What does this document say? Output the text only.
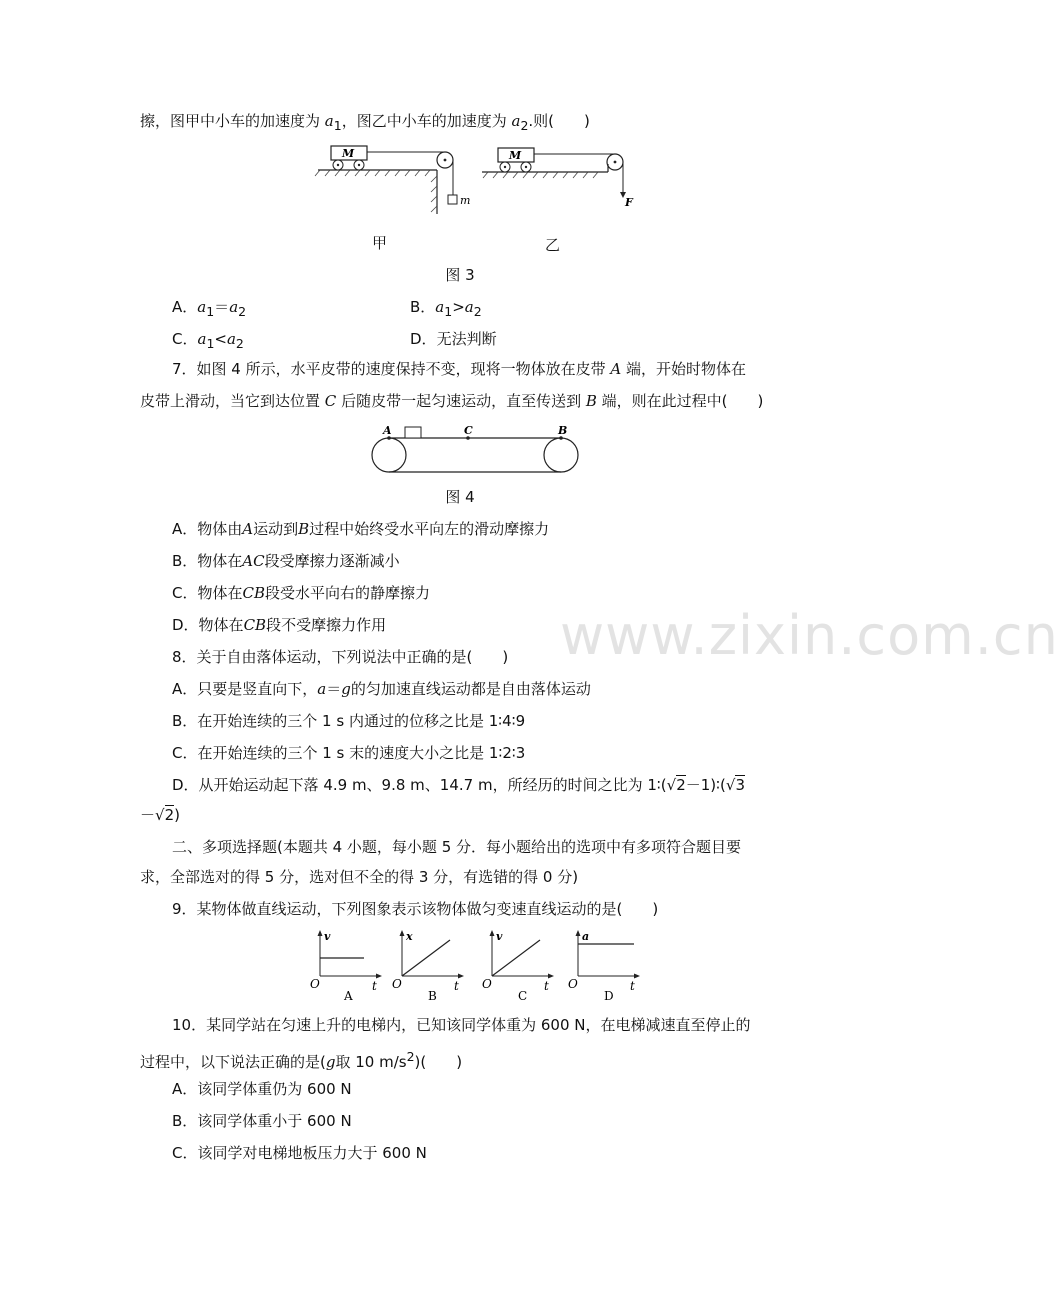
www.zixin.com.cn
擦，图甲中小车的加速度为 $a_1$，图乙中小车的加速度为 $a_2$.则(　　)
M
m
甲
M
F
乙
图 3
A．$a_1=a_2$	B．$a_1>a_2$
C．$a_1<a_2$	D．无法判断
7．如图 4 所示，水平皮带的速度保持不变，现将一物体放在皮带 A 端，开始时物体在
皮带上滑动，当它到达位置 C 后随皮带一起匀速运动，直至传送到 B 端，则在此过程中(　　)
A	C	B
图 4
A．物体由A运动到B过程中始终受水平向左的滑动摩擦力
B．物体在AC段受摩擦力逐渐减小
C．物体在CB段受水平向右的静摩擦力
D．物体在CB段不受摩擦力作用
8．关于自由落体运动，下列说法中正确的是(　　)
A．只要是竖直向下，a＝g的匀加速直线运动都是自由落体运动
B．在开始连续的三个 1 s 内通过的位移之比是 1∶4∶9
C．在开始连续的三个 1 s 末的速度大小之比是 1∶2∶3
D．从开始运动起下落 4.9 m、9.8 m、14.7 m，所经历的时间之比为 1∶(√2－1)∶(√3
－√2)
二、多项选择题(本题共 4 小题，每小题 5 分．每小题给出的选项中有多项符合题目要
求，全部选对的得 5 分，选对但不全的得 3 分，有选错的得 0 分)
9．某物体做直线运动，下列图象表示该物体做匀变速直线运动的是(　　)
v
t
O
A
x
t
O
B
v
t
O
C
a
t
O
D
10．某同学站在匀速上升的电梯内，已知该同学体重为 600 N，在电梯减速直至停止的
过程中，以下说法正确的是(g取 10 $m/s^2$)(　　)
A．该同学体重仍为 600 N
B．该同学体重小于 600 N
C．该同学对电梯地板压力大于 600 N
